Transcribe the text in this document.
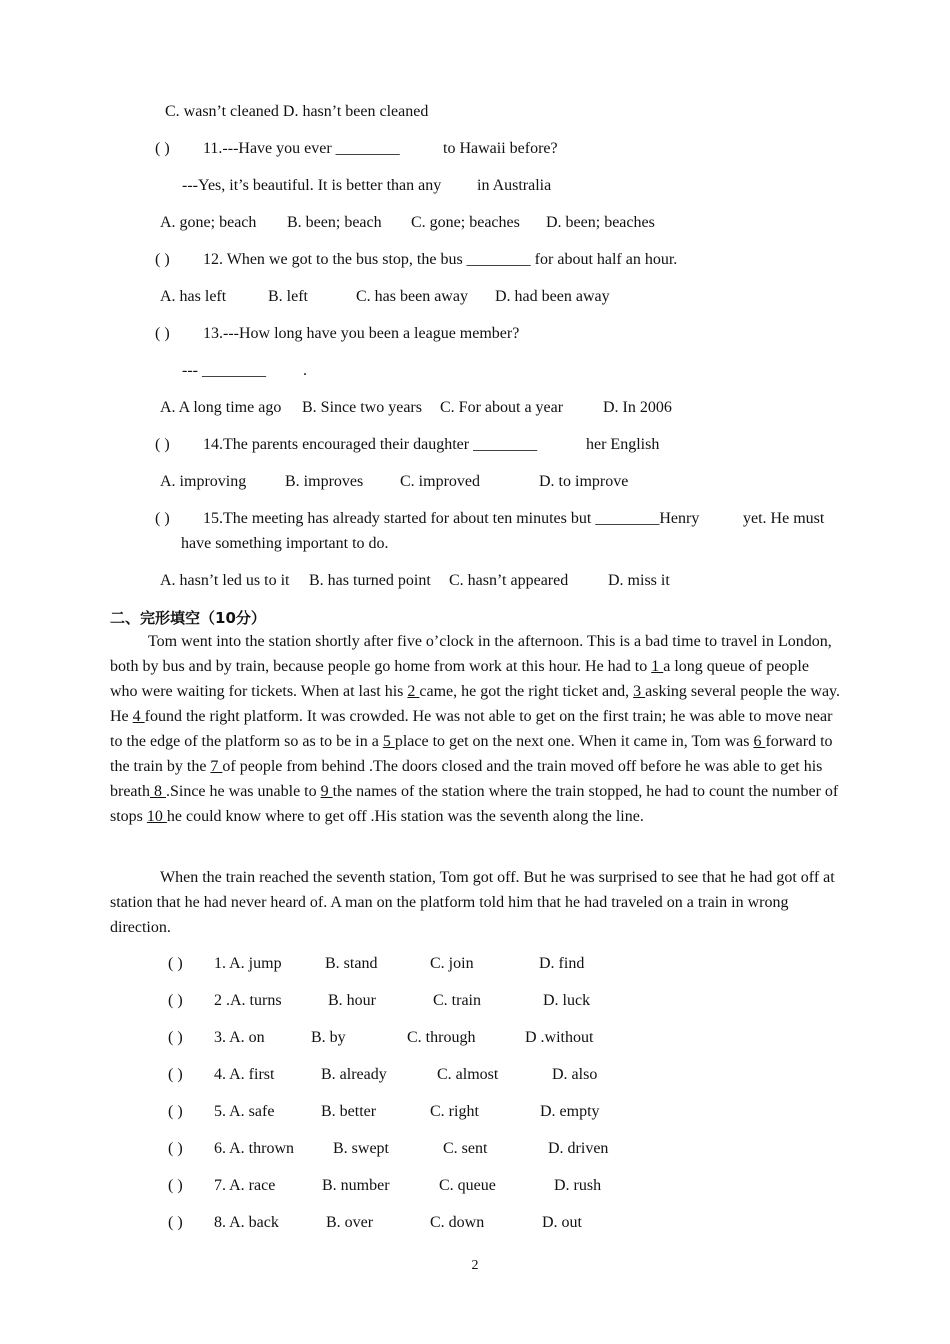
C. wasn’t cleaned D. hasn’t been cleaned
( ) 11.---Have you ever ________	to Hawaii before?
---Yes, it’s beautiful. It is better than any in Australia
A. gone; beach B. been; beach C. gone; beaches D. been; beaches
( ) 12. When we got to the bus stop, the bus ________ for about half an hour.
A. has left	B. left	C. has been away D. had been away
( ) 13.---How long have you been a league member?
--- ________ .
A. A long time ago B. Since two years C. For about a year D. In 2006
( ) 14.The parents encouraged their daughter ________	her English
A. improving B. improves C. improved	D. to improve
( ) 15.The meeting has already started for about ten minutes but ________Henry	yet. He must
have something important to do.
A. hasn’t led us to it B. has turned point C. hasn’t appeared D. miss it
二、完形填空（10分）
Tom went into the station shortly after five o’clock in the afternoon. This is a bad time to travel in London, both by bus and by train, because people go home from work at this hour. He had to 1 a long queue of people who were waiting for tickets. When at last his 2 came, he got the right ticket and, 3 asking several people the way. He 4 found the right platform. It was crowded. He was not able to get on the first train; he was able to move near to the edge of the platform so as to be in a 5 place to get on the next one. When it came in, Tom was 6 forward to the train by the 7 of people from behind .The doors closed and the train moved off before he was able to get his breath 8 .Since he was unable to 9 the names of the station where the train stopped, he had to count the number of stops 10 he could know where to get off .His station was the seventh along the line.
When the train reached the seventh station, Tom got off. But he was surprised to see that he had got off at station that he had never heard of. A man on the platform told him that he had traveled on a train in wrong direction.
( ) 1. A. jump	B. stand	C. join	D. find
( ) 2 .A. turns	B. hour	C. train	D. luck
( ) 3. A. on	B. by	C. through	D .without
( ) 4. A. first	B. already	C. almost	D. also
( ) 5. A. safe	B. better	C. right	D. empty
( ) 6. A. thrown B. swept	C. sent	D. driven
( ) 7. A. race	B. number	C. queue	D. rush
( ) 8. A. back	B. over	C. down	D. out
2
